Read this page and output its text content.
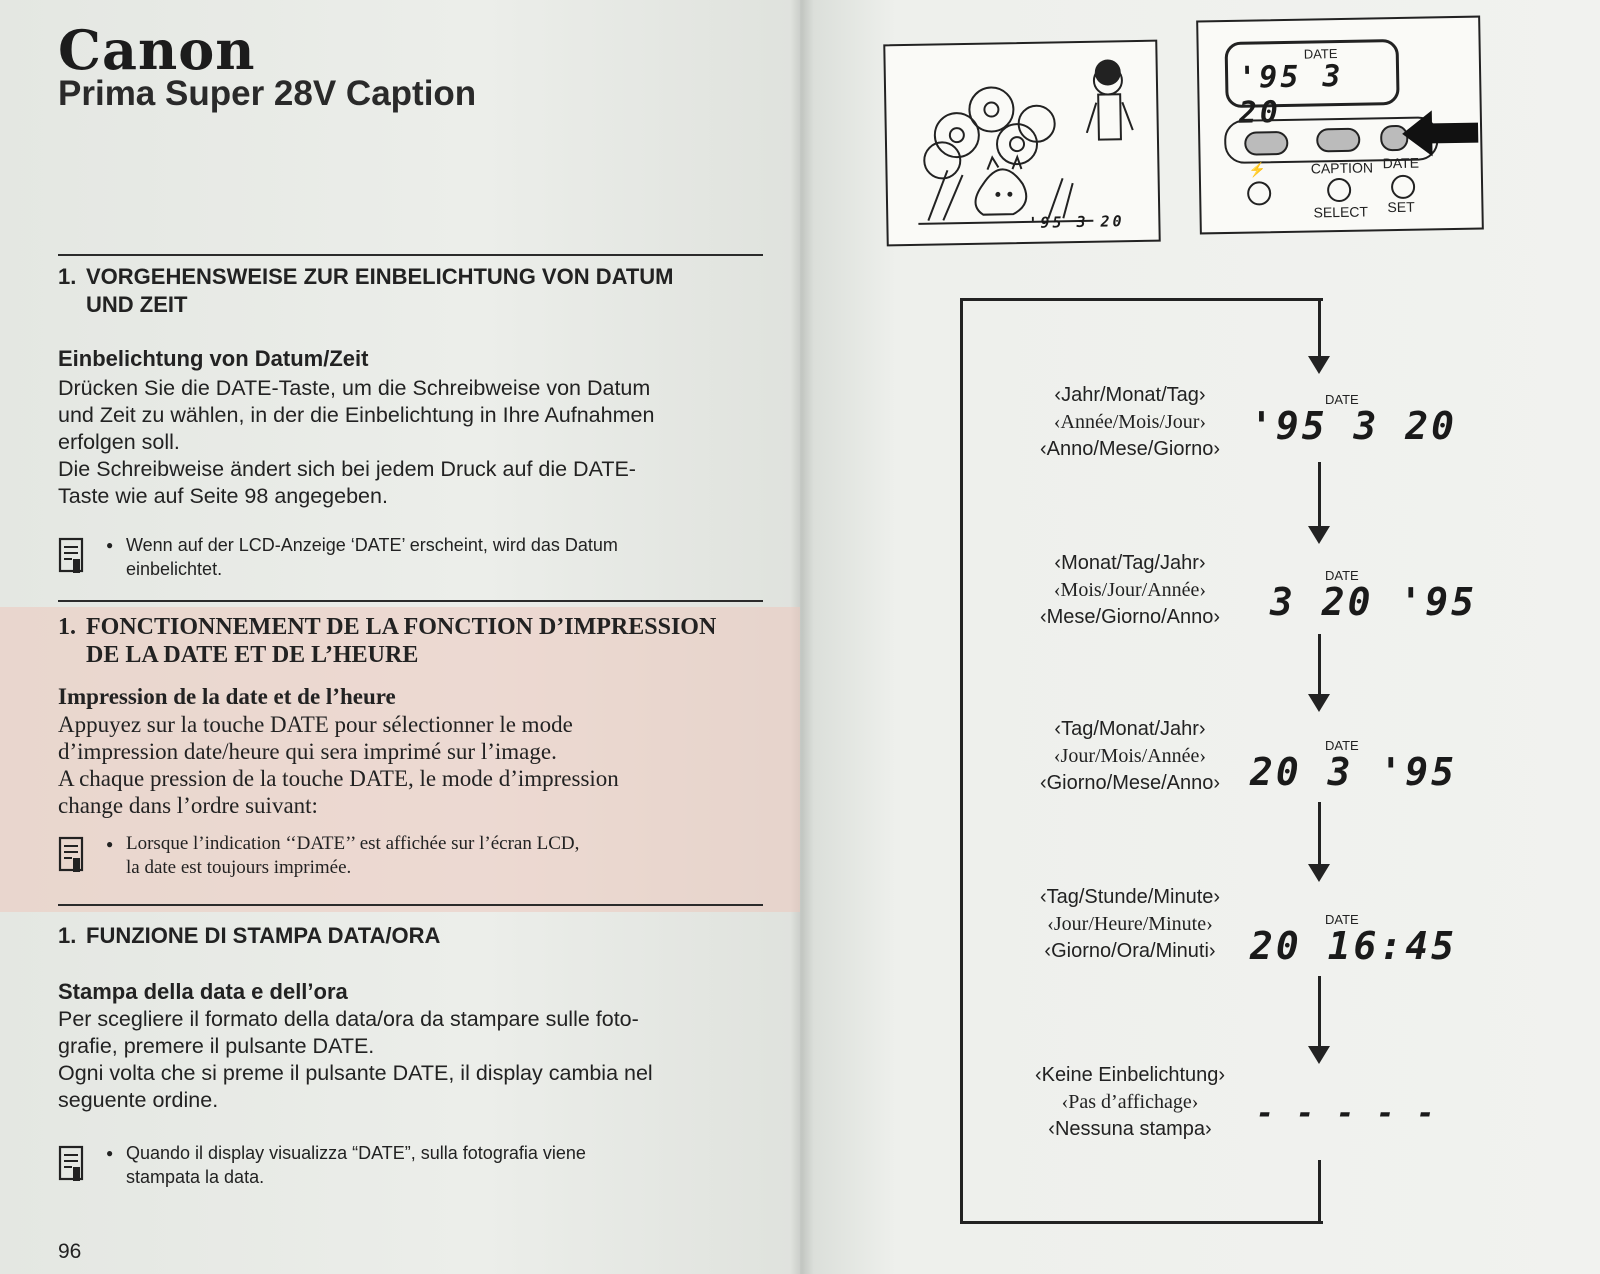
Canon
Prima Super 28V Caption
1. VORGEHENSWEISE ZUR EINBELICHTUNG VON DATUM
UND ZEIT
Einbelichtung von Datum/Zeit
Drücken Sie die DATE-Taste, um die Schreibweise von Datum
und Zeit zu wählen, in der die Einbelichtung in Ihre Aufnahmen
erfolgen soll.
Die Schreibweise ändert sich bei jedem Druck auf die DATE-
Taste wie auf Seite 98 angegeben.
● Wenn auf der LCD-Anzeige ‘DATE’ erscheint, wird das Datum
einbelichtet.
1. FONCTIONNEMENT DE LA FONCTION D’IMPRESSION
DE LA DATE ET DE L’HEURE
Impression de la date et de l’heure
Appuyez sur la touche DATE pour sélectionner le mode
d’impression date/heure qui sera imprimé sur l’image.
A chaque pression de la touche DATE, le mode d’impression
change dans l’ordre suivant:
● Lorsque l’indication ‘‘DATE’’ est affichée sur l’écran LCD,
la date est toujours imprimée.
1. FUNZIONE DI STAMPA DATA/ORA
Stampa della data e dell’ora
Per scegliere il formato della data/ora da stampare sulle foto-
grafie, premere il pulsante DATE.
Ogni volta che si preme il pulsante DATE, il display cambia nel
seguente ordine.
● Quando il display visualizza “DATE”, sulla fotografia viene
stampata la data.
96
'95 3 20
DATE
'95 3 20
CAPTION DATE
⚡
SELECT SET
‹Jahr/Monat/Tag›
‹Année/Mois/Jour›
‹Anno/Mese/Giorno›
DATE
'95 3 20
‹Monat/Tag/Jahr›
‹Mois/Jour/Année›
‹Mese/Giorno/Anno›
DATE
3 20 '95
‹Tag/Monat/Jahr›
‹Jour/Mois/Année›
‹Giorno/Mese/Anno›
DATE
20 3 '95
‹Tag/Stunde/Minute›
‹Jour/Heure/Minute›
‹Giorno/Ora/Minuti›
DATE
20 16:45
‹Keine Einbelichtung›
‹Pas d’affichage›
‹Nessuna stampa›	- - - - -
